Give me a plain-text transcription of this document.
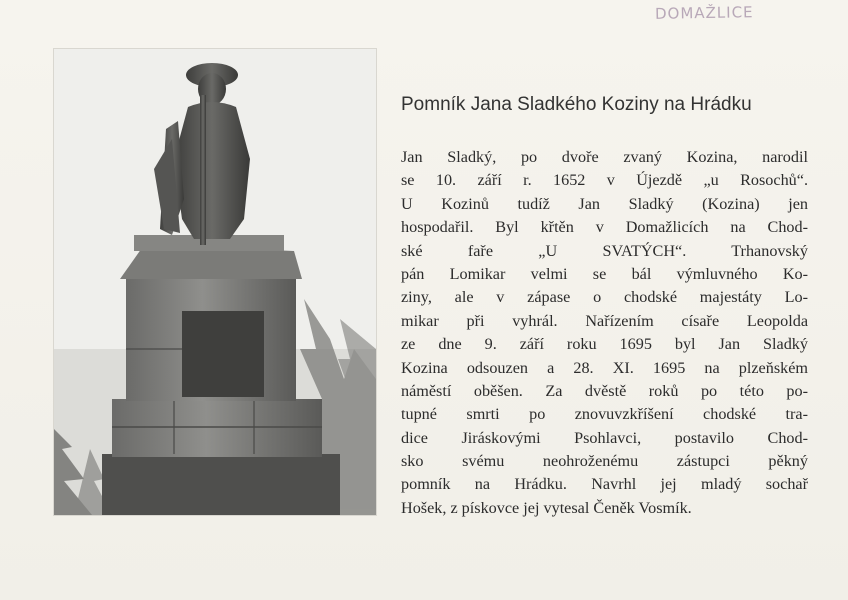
DOMAŽLICE
Pomník Jana Sladkého Koziny na Hrádku
Jan Sladký, po dvoře zvaný Kozina, narodil
se 10. září r. 1652 v Újezdě „u Rosochů“.
U Kozinů tudíž Jan Sladký (Kozina) jen
hospodařil. Byl křtěn v Domažlicích na Chod-
ské faře „U SVATÝCH“. Trhanovský
pán Lomikar velmi se bál výmluvného Ko-
ziny, ale v zápase o chodské majestáty Lo-
mikar při vyhrál. Nařízením císaře Leopolda
ze dne 9. září roku 1695 byl Jan Sladký
Kozina odsouzen a 28. XI. 1695 na plzeňském
náměstí oběšen. Za dvěstě roků po této po-
tupné smrti po znovuvzkříšení chodské tra-
dice Jiráskovými Psohlavci, postavilo Chod-
sko svému neohroženému zástupci pěkný
pomník na Hrádku. Navrhl jej mladý sochař
Hošek, z pískovce jej vytesal Čeněk Vosmík.
